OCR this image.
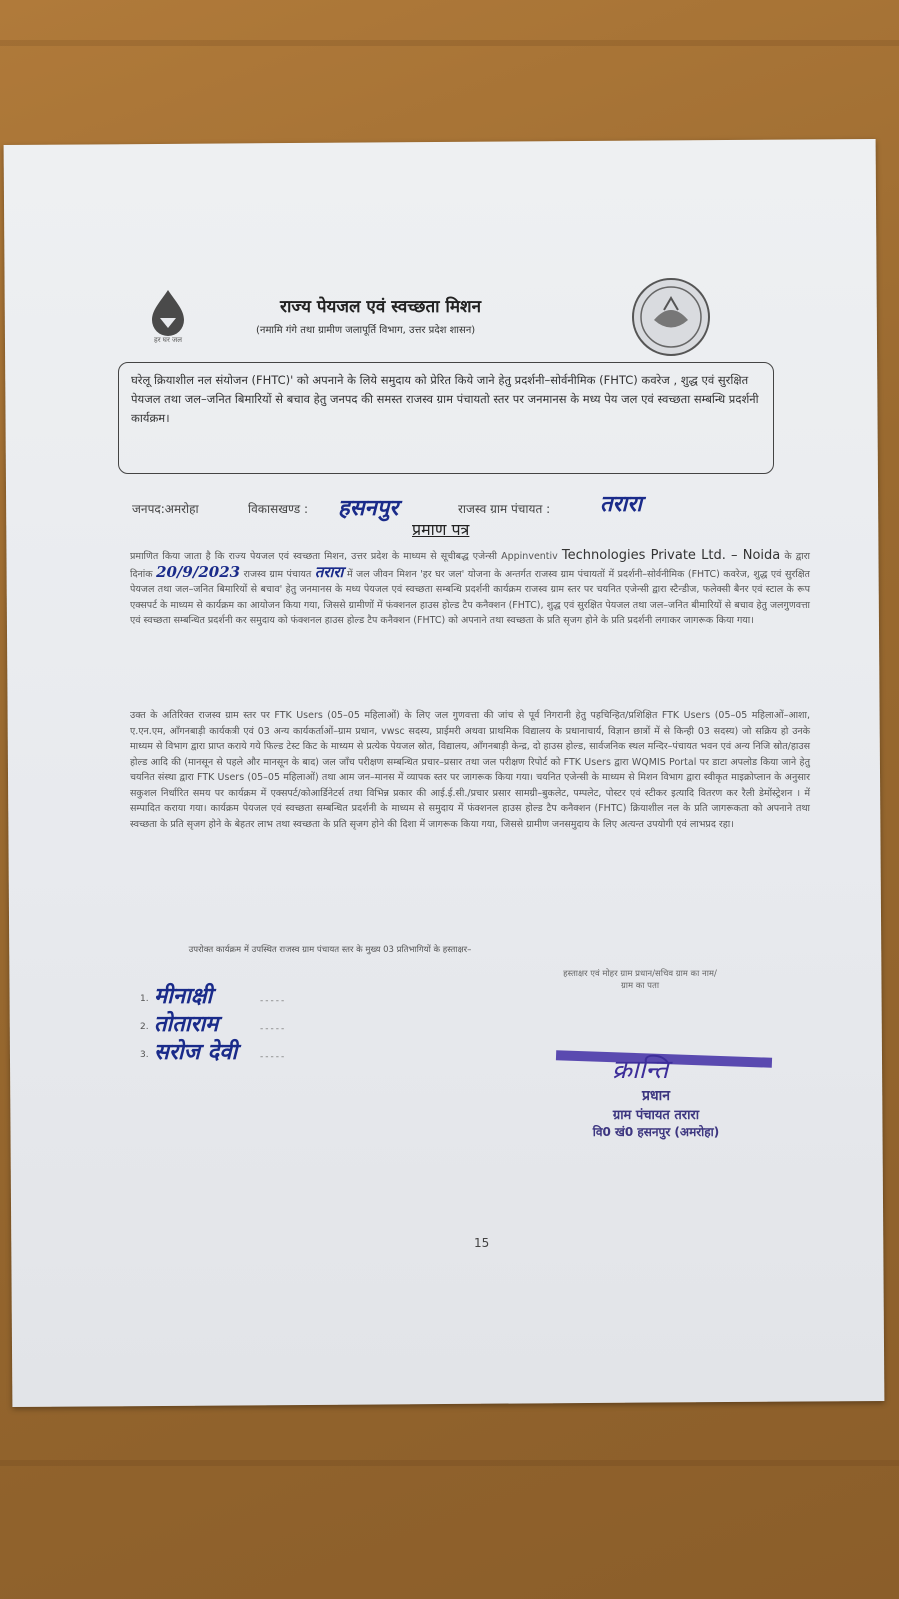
हर घर जल
राज्य पेयजल एवं स्वच्छता मिशन
(नमामि गंगे तथा ग्रामीण जलापूर्ति विभाग, उत्तर प्रदेश शासन)
घरेलू क्रियाशील नल संयोजन (FHTC)' को अपनाने के लिये समुदाय को प्रेरित किये जाने हेतु प्रदर्शनी–सोर्वनीमिक (FHTC) कवरेज , शुद्ध एवं सुरक्षित पेयजल तथा जल–जनित बिमारियों से बचाव हेतु जनपद की समस्त राजस्व ग्राम पंचायतो स्तर पर जनमानस के मध्य पेय जल एवं स्वच्छता सम्बन्धि प्रदर्शनी कार्यक्रम।
जनपद:अमरोहा	विकासखण्ड : हसनपुर	राजस्व ग्राम पंचायत : तरारा
प्रमाण पत्र
प्रमाणित किया जाता है कि राज्य पेयजल एवं स्वच्छता मिशन, उत्तर प्रदेश के माध्यम से सूचीबद्ध एजेन्सी Appinventiv Technologies Private Ltd. – Noida के द्वारा दिनांक 20/9/2023 राजस्व ग्राम पंचायत तरारा में जल जीवन मिशन 'हर घर जल' योजना के अन्तर्गत राजस्व ग्राम पंचायतों में प्रदर्शनी–सोर्वनीमिक (FHTC) कवरेज, शुद्ध एवं सुरक्षित पेयजल तथा जल–जनित बिमारियों से बचाव' हेतु जनमानस के मध्य पेयजल एवं स्वच्छता सम्बन्धि प्रदर्शनी कार्यक्रम राजस्व ग्राम स्तर पर चयनित एजेन्सी द्वारा स्टैन्डीज, फलेक्सी बैनर एवं स्टाल के रूप एक्सपर्ट के माध्यम से कार्यक्रम का आयोजन किया गया, जिससे ग्रामीणों में फंक्शनल हाउस होल्ड टैप कनैक्शन (FHTC), शुद्ध एवं सुरक्षित पेयजल तथा जल–जनित बीमारियों से बचाव हेतु जलगुणवत्ता एवं स्वच्छता सम्बन्धित प्रदर्शनी कर समुदाय को फंक्शनल हाउस होल्ड टैप कनैक्शन (FHTC) को अपनाने तथा स्वच्छता के प्रति सृजग होने के प्रति प्रदर्शनी लगाकर जागरूक किया गया।
उक्त के अतिरिक्त राजस्व ग्राम स्तर पर FTK Users (05–05 महिलाओं) के लिए जल गुणवत्ता की जांच से पूर्व निगरानी हेतु पहचिन्हित/प्रशिक्षित FTK Users (05–05 महिलाओं–आशा, ए.एन.एम, आँगनबाड़ी कार्यकत्री एवं 03 अन्य कार्यकर्ताओं–ग्राम प्रधान, vwsc सदस्य, प्राईमरी अथवा प्राथमिक विद्यालय के प्रधानाचार्य, विज्ञान छात्रों में से किन्ही 03 सदस्य) जो सक्रिय हो उनके माध्यम से विभाग द्वारा प्राप्त कराये गये फिल्ड टेस्ट किट के माध्यम से प्रत्येक पेयजल स्रोत, विद्यालय, आँगनबाड़ी केन्द्र, दो हाउस होल्ड, सार्वजनिक स्थल मन्दिर–पंचायत भवन एवं अन्य निजि स्रोत/हाउस होल्ड आदि की (मानसून से पहले और मानसून के बाद) जल जाँच परीक्षण सम्बन्धित प्रचार–प्रसार तथा जल परीक्षण रिपोर्ट को FTK Users द्वारा WQMIS Portal पर डाटा अपलोड किया जाने हेतु चयनित संस्था द्वारा FTK Users (05–05 महिलाओं) तथा आम जन–मानस में व्यापक स्तर पर जागरूक किया गया। चयनित एजेन्सी के माध्यम से मिशन विभाग द्वारा स्वीकृत माइक्रोप्लान के अनुसार सकुशल निर्धारित समय पर कार्यक्रम में एक्सपर्ट/कोआर्डिनेटर्स तथा विभिन्न प्रकार की आई.ई.सी./प्रचार प्रसार सामग्री–बुकलेट, पम्पलेट, पोस्टर एवं स्टीकर इत्यादि वितरण कर रैली डेमोंस्ट्रेशन । में सम्पादित कराया गया। कार्यक्रम पेयजल एवं स्वच्छता सम्बन्धित प्रदर्शनी के माध्यम से समुदाय में फंक्शनल हाउस होल्ड टैप कनैक्शन (FHTC) क्रियाशील नल के प्रति जागरूकता को अपनाने तथा स्वच्छता के प्रति सृजग होने के बेहतर लाभ तथा स्वच्छता के प्रति सृजग होने की दिशा में जागरूक किया गया, जिससे ग्रामीण जनसमुदाय के लिए अत्यन्त उपयोगी एवं लाभप्रद रहा।
उपरोक्त कार्यक्रम में उपस्थित राजस्व ग्राम पंचायत स्तर के मुख्य 03 प्रतिभागियों के हस्ताक्षर–
हस्ताक्षर एवं मोहर ग्राम प्रधान/सचिव ग्राम का नाम/ग्राम का पता
1. मीनाक्षी	-----
2. तोताराम	-----
3. सरोज देवी	-----	क्रान्ति
प्रधान
ग्राम पंचायत तरारा
वि0 खं0 हसनपुर (अमरोहा)
15
